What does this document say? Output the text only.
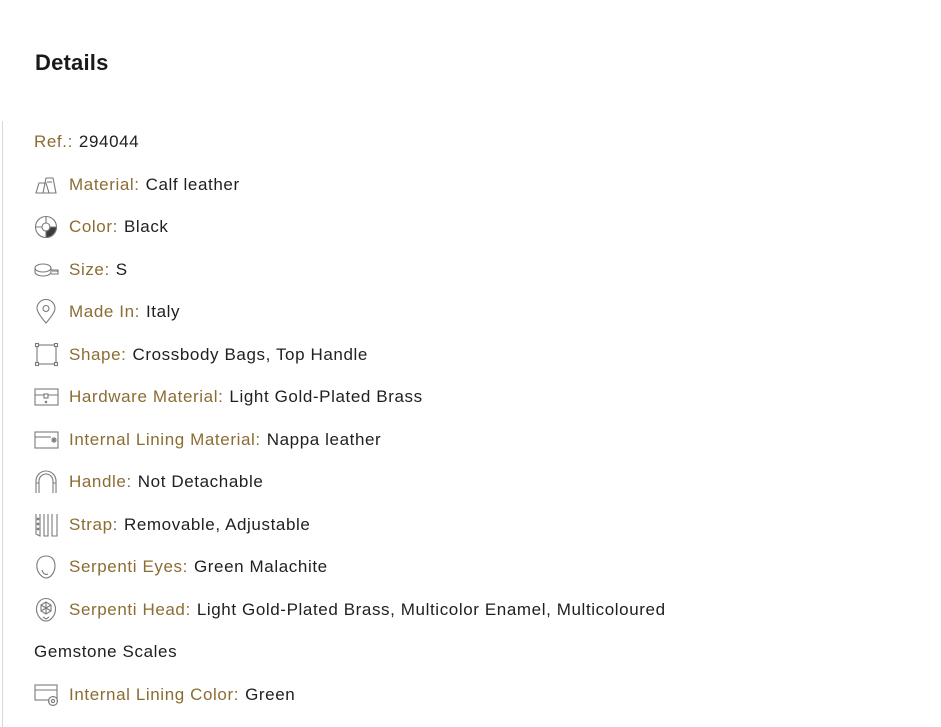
Details
Ref.: 294044
Material: Calf leather
Color: Black
Size: S
Made In: Italy
Shape: Crossbody Bags, Top Handle
Hardware Material: Light Gold-Plated Brass
Internal Lining Material: Nappa leather
Handle: Not Detachable
Strap: Removable, Adjustable
Serpenti Eyes: Green Malachite
Serpenti Head: Light Gold-Plated Brass, Multicolor Enamel, Multicoloured
Gemstone Scales
Internal Lining Color: Green
